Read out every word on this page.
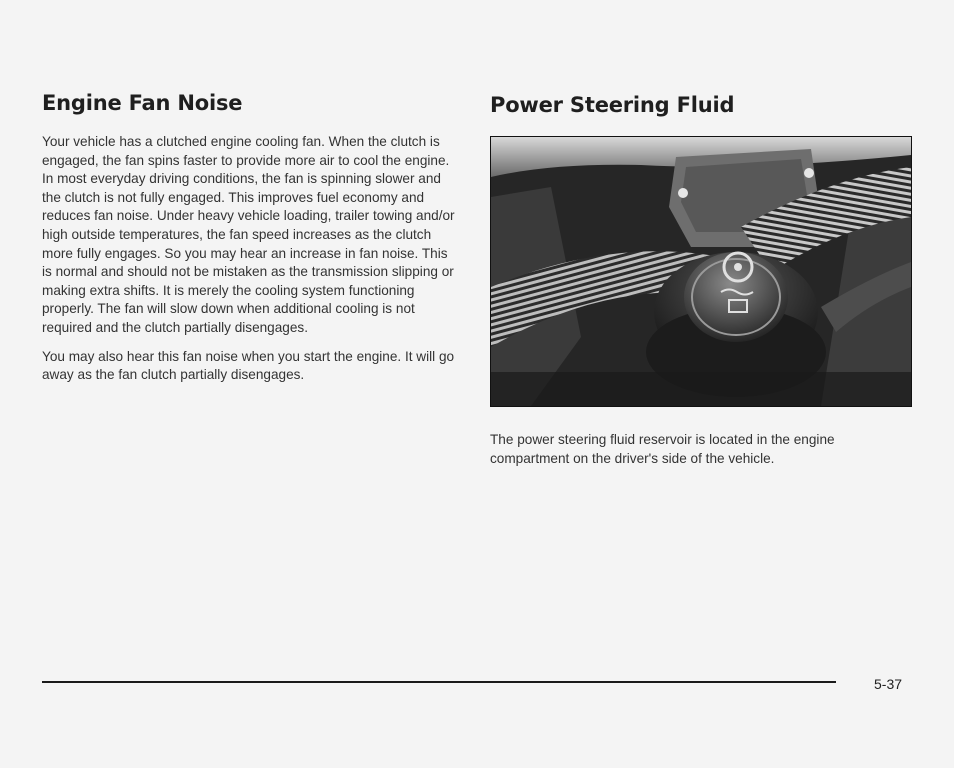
Engine Fan Noise

Your vehicle has a clutched engine cooling fan. When the clutch is engaged, the fan spins faster to provide more air to cool the engine. In most everyday driving conditions, the fan is spinning slower and the clutch is not fully engaged. This improves fuel economy and reduces fan noise. Under heavy vehicle loading, trailer towing and/or high outside temperatures, the fan speed increases as the clutch more fully engages. So you may hear an increase in fan noise. This is normal and should not be mistaken as the transmission slipping or making extra shifts. It is merely the cooling system functioning properly. The fan will slow down when additional cooling is not required and the clutch partially disengages.

You may also hear this fan noise when you start the engine. It will go away as the fan clutch partially disengages.

Power Steering Fluid

The power steering fluid reservoir is located in the engine compartment on the driver's side of the vehicle.

5-37
